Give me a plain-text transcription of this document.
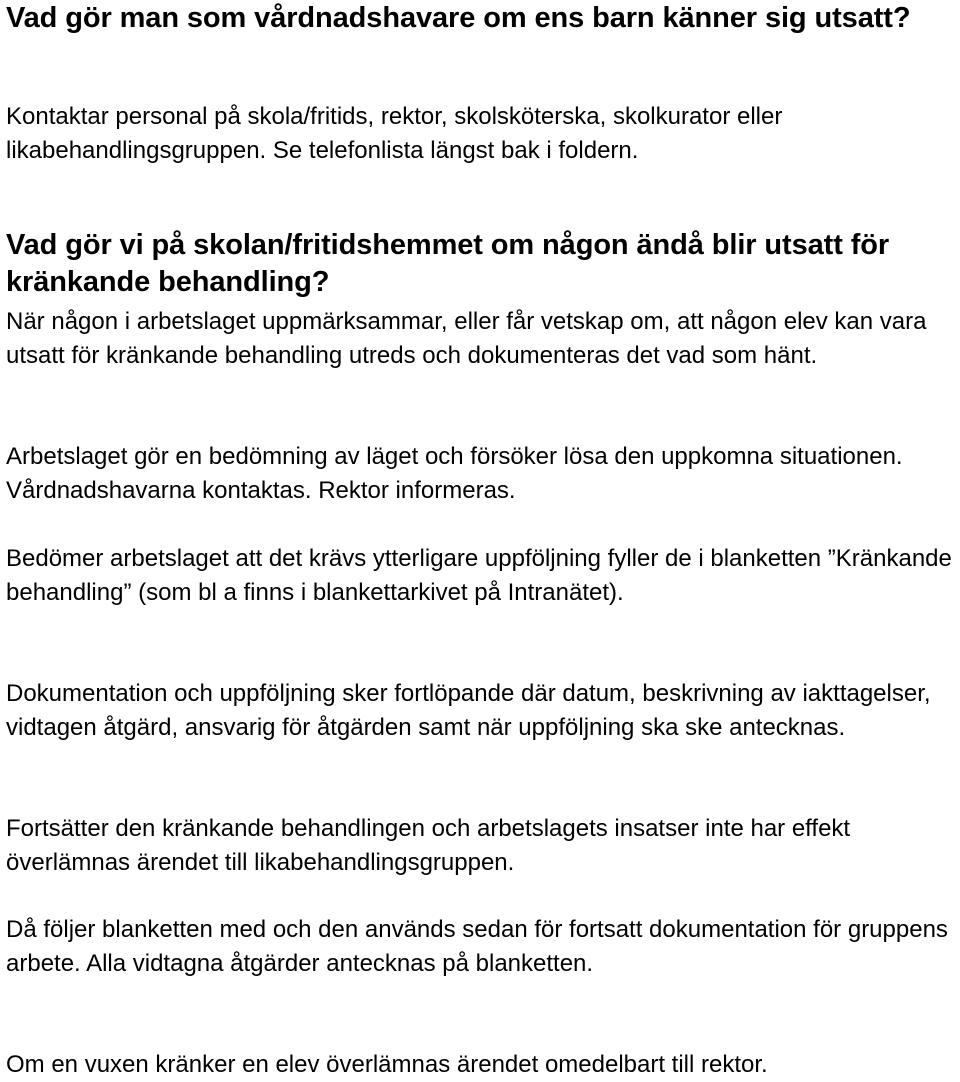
Vad gör man som vårdnadshavare om ens barn känner sig utsatt?

Kontaktar personal på skola/fritids, rektor, skolsköterska, skolkurator eller likabehandlingsgruppen. Se telefonlista längst bak i foldern.

Vad gör vi på skolan/fritidshemmet om någon ändå blir utsatt för kränkande behandling?

När någon i arbetslaget uppmärksammar, eller får vetskap om, att någon elev kan vara utsatt för kränkande behandling utreds och dokumenteras det vad som hänt.

Arbetslaget gör en bedömning av läget och försöker lösa den uppkomna situationen. Vårdnadshavarna kontaktas. Rektor informeras.

Bedömer arbetslaget att det krävs ytterligare uppföljning fyller de i blanketten ”Kränkande behandling” (som bl a finns i blankettarkivet på Intranätet).

Dokumentation och uppföljning sker fortlöpande där datum, beskrivning av iakttagelser, vidtagen åtgärd, ansvarig för åtgärden samt när uppföljning ska ske antecknas.

Fortsätter den kränkande behandlingen och arbetslagets insatser inte har effekt överlämnas ärendet till likabehandlingsgruppen.

Då följer blanketten med och den används sedan för fortsatt dokumentation för gruppens arbete. Alla vidtagna åtgärder antecknas på blanketten.

Om en vuxen kränker en elev överlämnas ärendet omedelbart till rektor.
